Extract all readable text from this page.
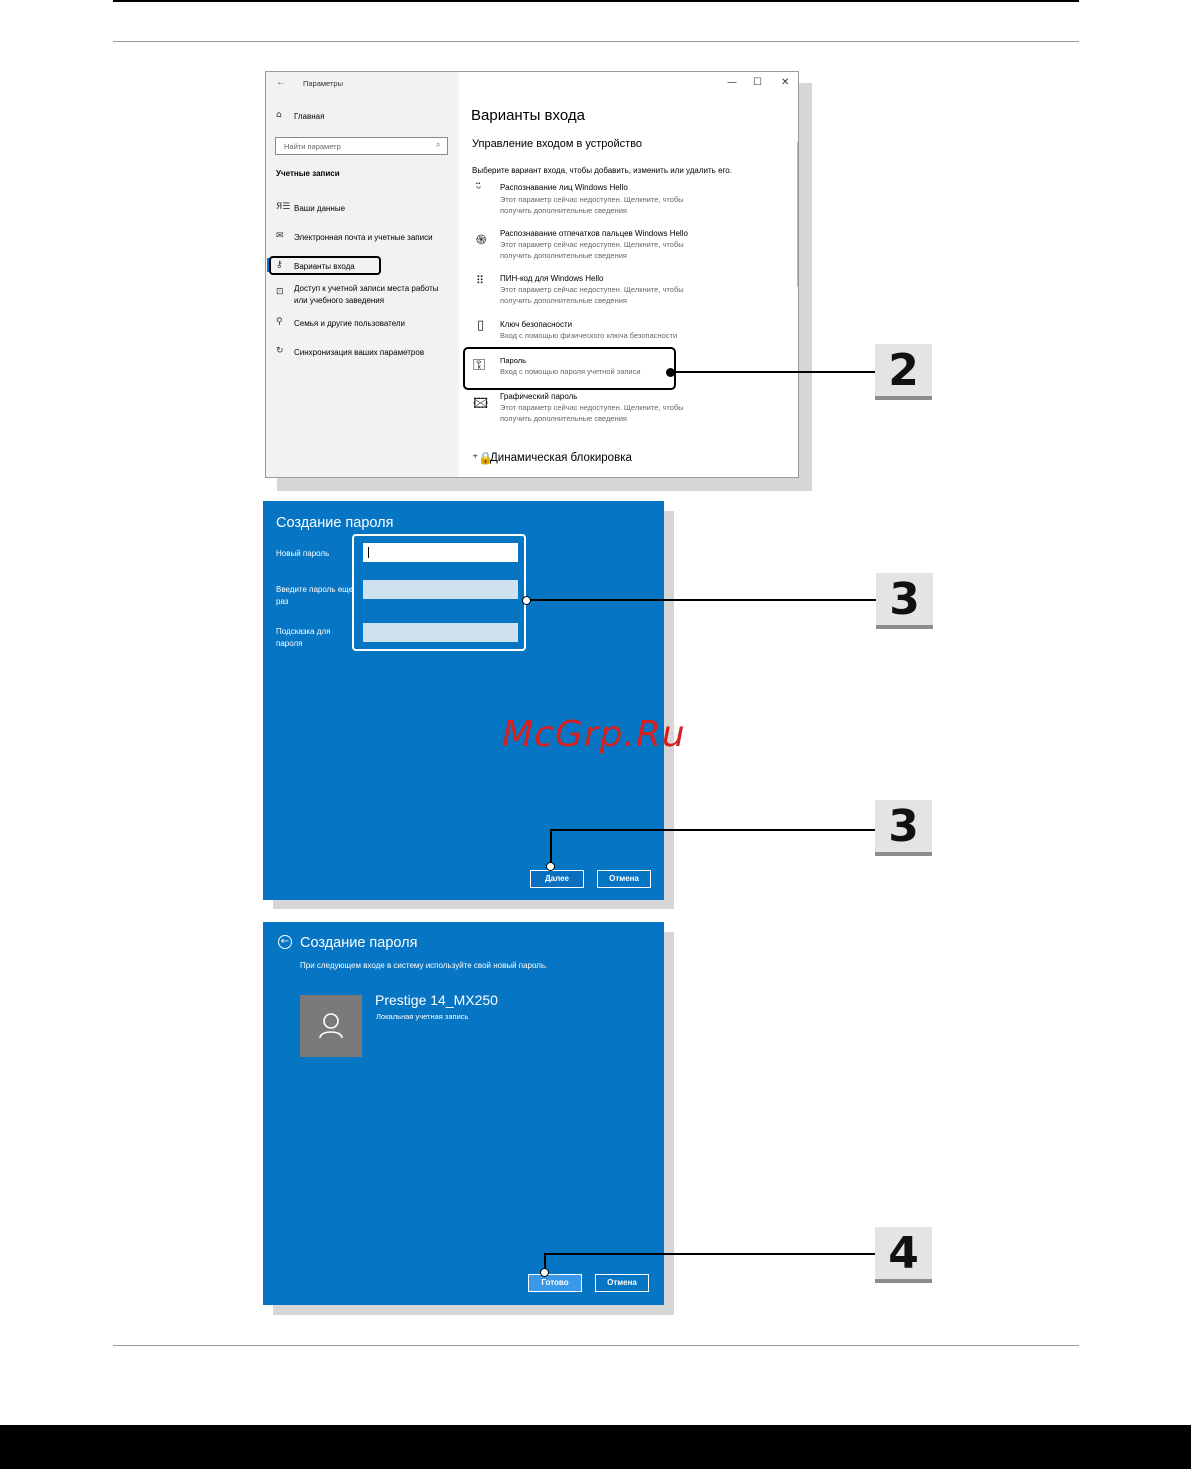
← Параметры	— ☐ ✕
⌂ Главная
Найти параметр	⌕
Учетные записи
Я☰ Ваши данные
✉ Электронная почта и учетные записи
⚷ Варианты входа
⊡ Доступ к учетной записи места работы
или учебного заведения
⚲ Семья и другие пользователи
↻ Синхронизация ваших параметров
Варианты входа
Управление входом в устройство
Выберите вариант входа, чтобы добавить, изменить или удалить его.
ᵕ̈ Распознавание лиц Windows Hello
Этот параметр сейчас недоступен. Щелкните, чтобы
получить дополнительные сведения
֍ Распознавание отпечатков пальцев Windows Hello
Этот параметр сейчас недоступен. Щелкните, чтобы
получить дополнительные сведения
⠿ ПИН-код для Windows Hello
Этот параметр сейчас недоступен. Щелкните, чтобы
получить дополнительные сведения
▯ Ключ безопасности
Вход с помощью физического ключа безопасности
⚿ Пароль
Вход с помощью пароля учетной записи
🖾 Графический пароль
Этот параметр сейчас недоступен. Щелкните, чтобы
получить дополнительные сведения
⁺🔒
Динамическая блокировка
2
Создание пароля
Новый пароль
Введите пароль еще
раз
Подсказка для
пароля
Далее	Отмена
3
3
McGrp.Ru
← Создание пароля
При следующем входе в систему используйте свой новый пароль.
Prestige 14_MX250
Локальная учетная запись
Готово	Отмена
4
